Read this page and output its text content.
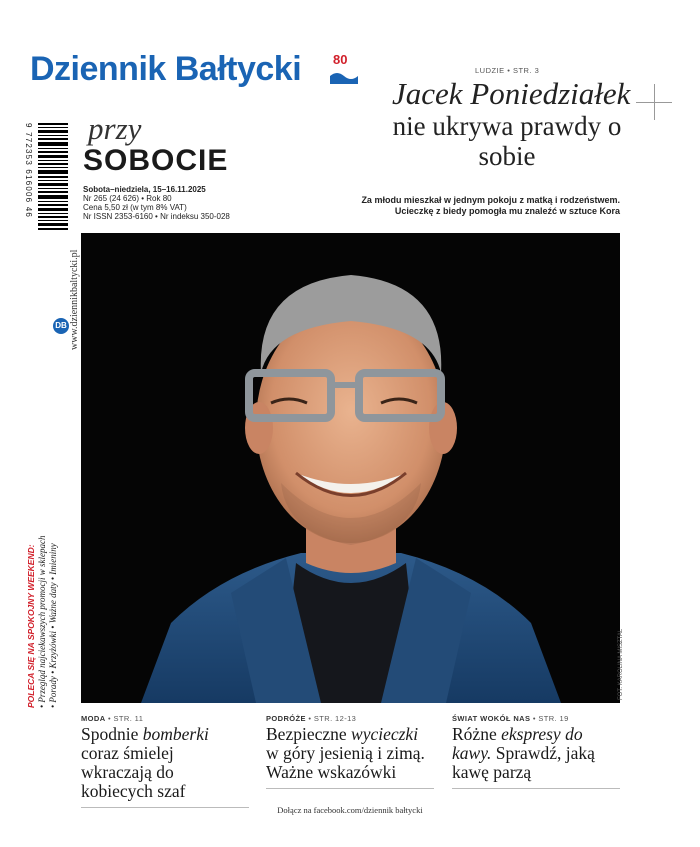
Dziennik Bałtycki 80
9 772353 616006 46 przy
SOBOCIE
Sobota–niedziela, 15–16.11.2025
Nr 265 (24 626) • Rok 80
Cena 5,50 zł (w tym 8% VAT)
Nr ISSN 2353-6160 • Nr indeksu 350-028
www.dziennikbaltycki.pl
DB
POLECA SIĘ NA SPOKOJNY WEEKEND: • Przegląd najciekawszych promocji w sklepach • Porady • Krzyżówki • Ważne daty • Imieniny
LUDZIE • STR. 3
Jacek Poniedziałek
nie ukrywa prawdy o sobie
Za młodu mieszkał w jednym pokoju z matką i rodzeństwem.
Ucieczkę z biedy pomogła mu znaleźć w sztuce Kora
FOT. KAROLINA MISZTAL
MODA • STR. 11
Spodnie bomberki coraz śmielej wkraczają do kobiecych szaf
PODRÓŻE • STR. 12-13
Bezpieczne wycieczki w góry jesienią i zimą. Ważne wskazówki
ŚWIAT WOKÓŁ NAS • STR. 19
Różne ekspresy do kawy. Sprawdź, jaką kawę parzą
Dołącz na facebook.com/dziennik bałtycki
